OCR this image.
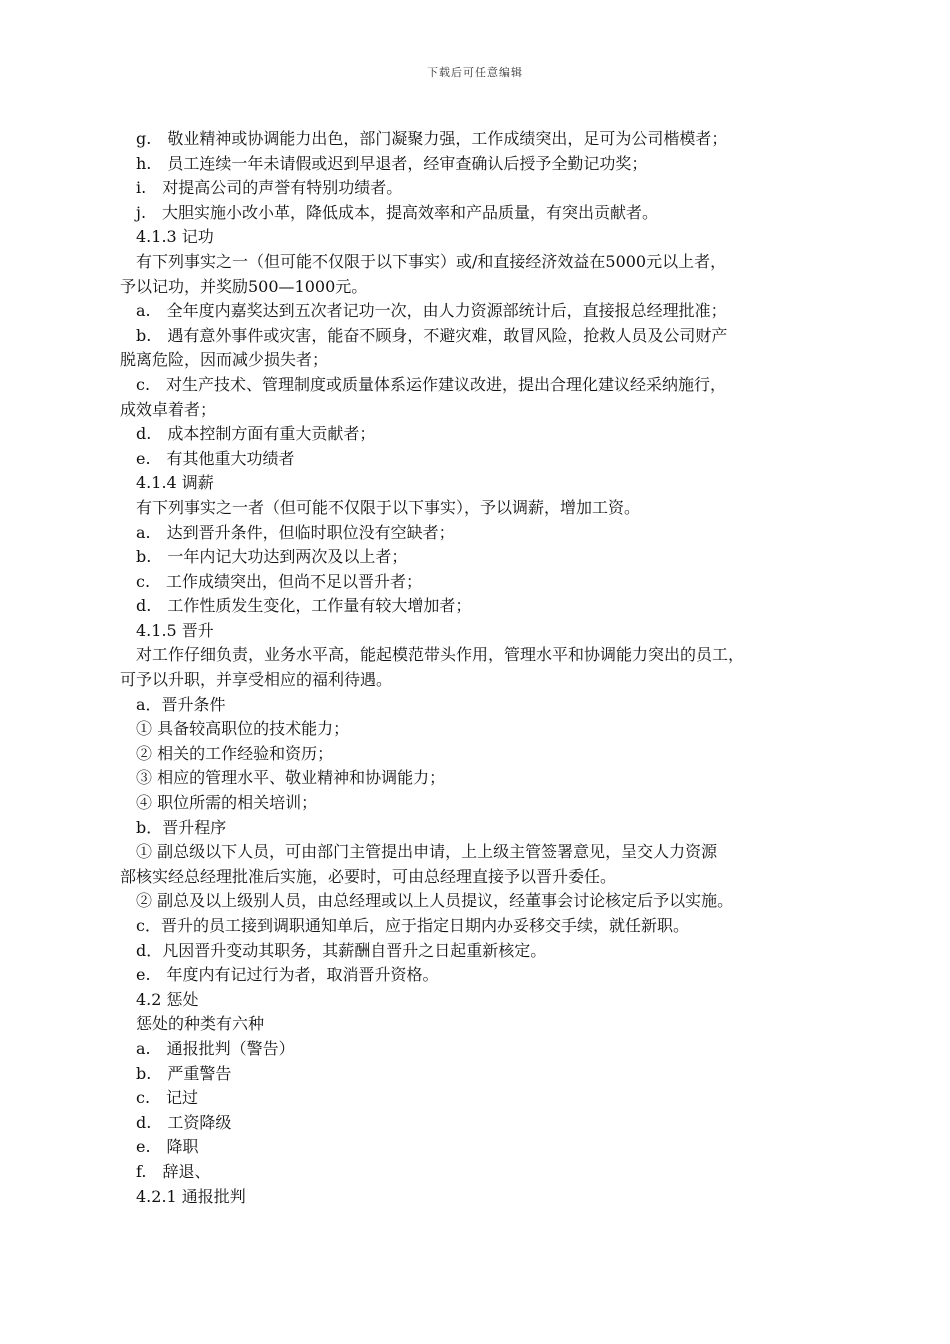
下载后可任意编辑
g.　敬业精神或协调能力出色，部门凝聚力强，工作成绩突出，足可为公司楷模者；
h.　员工连续一年未请假或迟到早退者，经审查确认后授予全勤记功奖；
i.　对提高公司的声誉有特别功绩者。
j.　大胆实施小改小革，降低成本，提高效率和产品质量，有突出贡献者。
4.1.3 记功
有下列事实之一（但可能不仅限于以下事实）或/和直接经济效益在5000元以上者，
予以记功，并奖励500—1000元。
a.　全年度内嘉奖达到五次者记功一次，由人力资源部统计后，直接报总经理批准；
b.　遇有意外事件或灾害，能奋不顾身，不避灾难，敢冒风险，抢救人员及公司财产
脱离危险，因而减少损失者；
c.　对生产技术、管理制度或质量体系运作建议改进，提出合理化建议经采纳施行，
成效卓着者；
d.　成本控制方面有重大贡献者；
e.　有其他重大功绩者
4.1.4 调薪
有下列事实之一者（但可能不仅限于以下事实），予以调薪，增加工资。
a.　达到晋升条件，但临时职位没有空缺者；
b.　一年内记大功达到两次及以上者；
c.　工作成绩突出，但尚不足以晋升者；
d.　工作性质发生变化，工作量有较大增加者；
4.1.5 晋升
对工作仔细负责，业务水平高，能起模范带头作用，管理水平和协调能力突出的员工，
可予以升职，并享受相应的福利待遇。
a．晋升条件
① 具备较高职位的技术能力；
② 相关的工作经验和资历；
③ 相应的管理水平、敬业精神和协调能力；
④ 职位所需的相关培训；
b．晋升程序
① 副总级以下人员，可由部门主管提出申请，上上级主管签署意见，呈交人力资源
部核实经总经理批准后实施，必要时，可由总经理直接予以晋升委任。
② 副总及以上级别人员，由总经理或以上人员提议，经董事会讨论核定后予以实施。
c．晋升的员工接到调职通知单后，应于指定日期内办妥移交手续，就任新职。
d．凡因晋升变动其职务，其薪酬自晋升之日起重新核定。
e.　年度内有记过行为者，取消晋升资格。
4.2 惩处
惩处的种类有六种
a.　通报批判（警告）
b.　严重警告
c.　记过
d.　工资降级
e.　降职
f.　辞退、
4.2.1 通报批判
